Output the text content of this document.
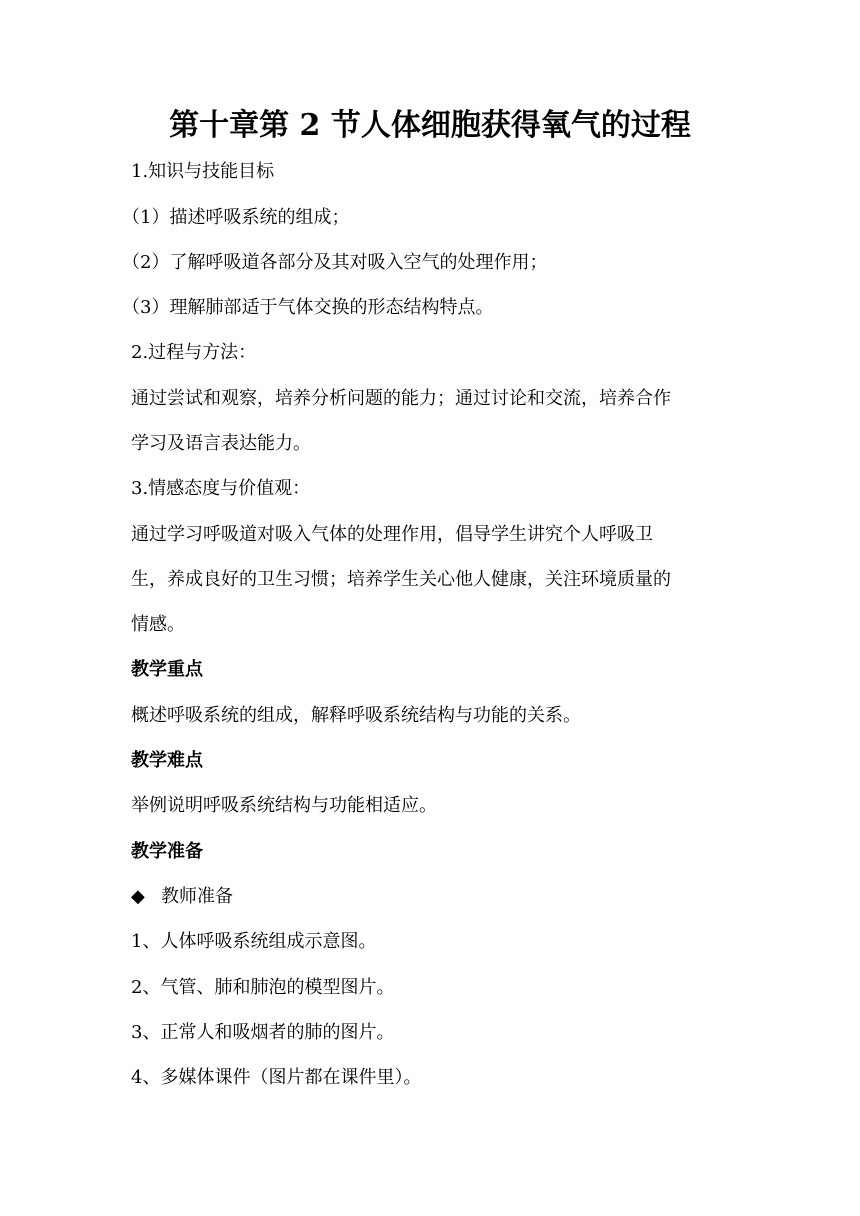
第十章第 2 节人体细胞获得氧气的过程
1.知识与技能目标
（1）描述呼吸系统的组成；
（2）了解呼吸道各部分及其对吸入空气的处理作用；
（3）理解肺部适于气体交换的形态结构特点。
2.过程与方法：
通过尝试和观察，培养分析问题的能力；通过讨论和交流，培养合作
学习及语言表达能力。
3.情感态度与价值观：
通过学习呼吸道对吸入气体的处理作用，倡导学生讲究个人呼吸卫
生，养成良好的卫生习惯；培养学生关心他人健康，关注环境质量的
情感。
教学重点
概述呼吸系统的组成，解释呼吸系统结构与功能的关系。
教学难点
举例说明呼吸系统结构与功能相适应。
教学准备
◆ 教师准备
1、人体呼吸系统组成示意图。
2、气管、肺和肺泡的模型图片。
3、正常人和吸烟者的肺的图片。
4、多媒体课件（图片都在课件里）。
